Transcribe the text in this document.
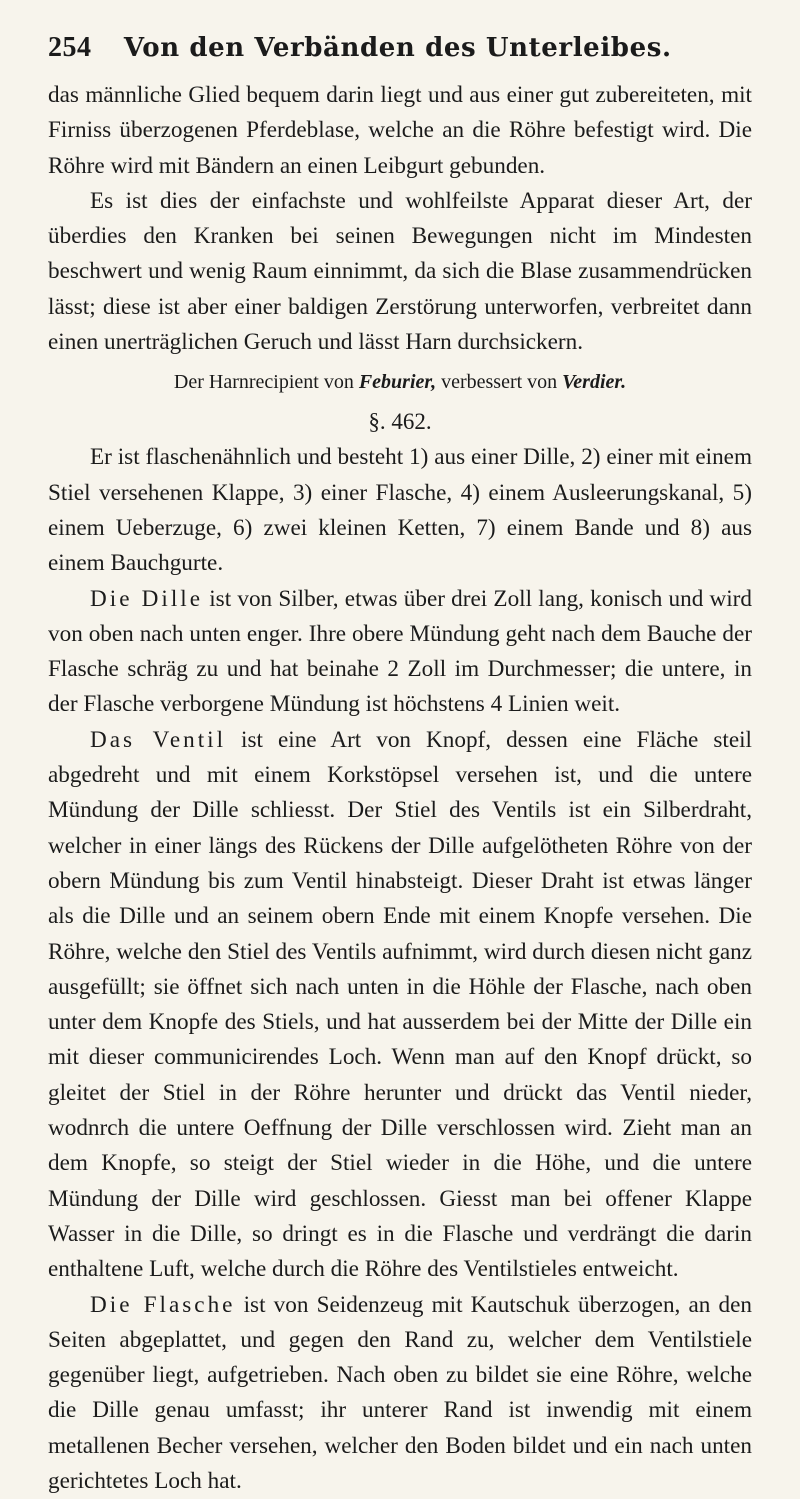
254	Von den Verbänden des Unterleibes.

das männliche Glied bequem darin liegt und aus einer gut zubereiteten, mit Firniss überzogenen Pferdeblase, welche an die Röhre befestigt wird. Die Röhre wird mit Bändern an einen Leibgurt gebunden.

Es ist dies der einfachste und wohlfeilste Apparat dieser Art, der überdies den Kranken bei seinen Bewegungen nicht im Mindesten beschwert und wenig Raum einnimmt, da sich die Blase zusammendrücken lässt; diese ist aber einer baldigen Zerstörung unterworfen, verbreitet dann einen unerträglichen Geruch und lässt Harn durchsickern.

Der Harnrecipient von Feburier, verbessert von Verdier.
§. 462.

Er ist flaschenähnlich und besteht 1) aus einer Dille, 2) einer mit einem Stiel versehenen Klappe, 3) einer Flasche, 4) einem Ausleerungskanal, 5) einem Ueberzuge, 6) zwei kleinen Ketten, 7) einem Bande und 8) aus einem Bauchgurte.

Die Dille ist von Silber, etwas über drei Zoll lang, konisch und wird von oben nach unten enger. Ihre obere Mündung geht nach dem Bauche der Flasche schräg zu und hat beinahe 2 Zoll im Durchmesser; die untere, in der Flasche verborgene Mündung ist höchstens 4 Linien weit.

Das Ventil ist eine Art von Knopf, dessen eine Fläche steil abgedreht und mit einem Korkstöpsel versehen ist, und die untere Mündung der Dille schliesst. Der Stiel des Ventils ist ein Silberdraht, welcher in einer längs des Rückens der Dille aufgelötheten Röhre von der obern Mündung bis zum Ventil hinabsteigt. Dieser Draht ist etwas länger als die Dille und an seinem obern Ende mit einem Knopfe versehen. Die Röhre, welche den Stiel des Ventils aufnimmt, wird durch diesen nicht ganz ausgefüllt; sie öffnet sich nach unten in die Höhle der Flasche, nach oben unter dem Knopfe des Stiels, und hat ausserdem bei der Mitte der Dille ein mit dieser communicirendes Loch. Wenn man auf den Knopf drückt, so gleitet der Stiel in der Röhre herunter und drückt das Ventil nieder, wodnrch die untere Oeffnung der Dille verschlossen wird. Zieht man an dem Knopfe, so steigt der Stiel wieder in die Höhe, und die untere Mündung der Dille wird geschlossen. Giesst man bei offener Klappe Wasser in die Dille, so dringt es in die Flasche und verdrängt die darin enthaltene Luft, welche durch die Röhre des Ventilstieles entweicht.

Die Flasche ist von Seidenzeug mit Kautschuk überzogen, an den Seiten abgeplattet, und gegen den Rand zu, welcher dem Ventilstiele gegenüber liegt, aufgetrieben. Nach oben zu bildet sie eine Röhre, welche die Dille genau umfasst; ihr unterer Rand ist inwendig mit einem metallenen Becher versehen, welcher den Boden bildet und ein nach unten gerichtetes Loch hat.
